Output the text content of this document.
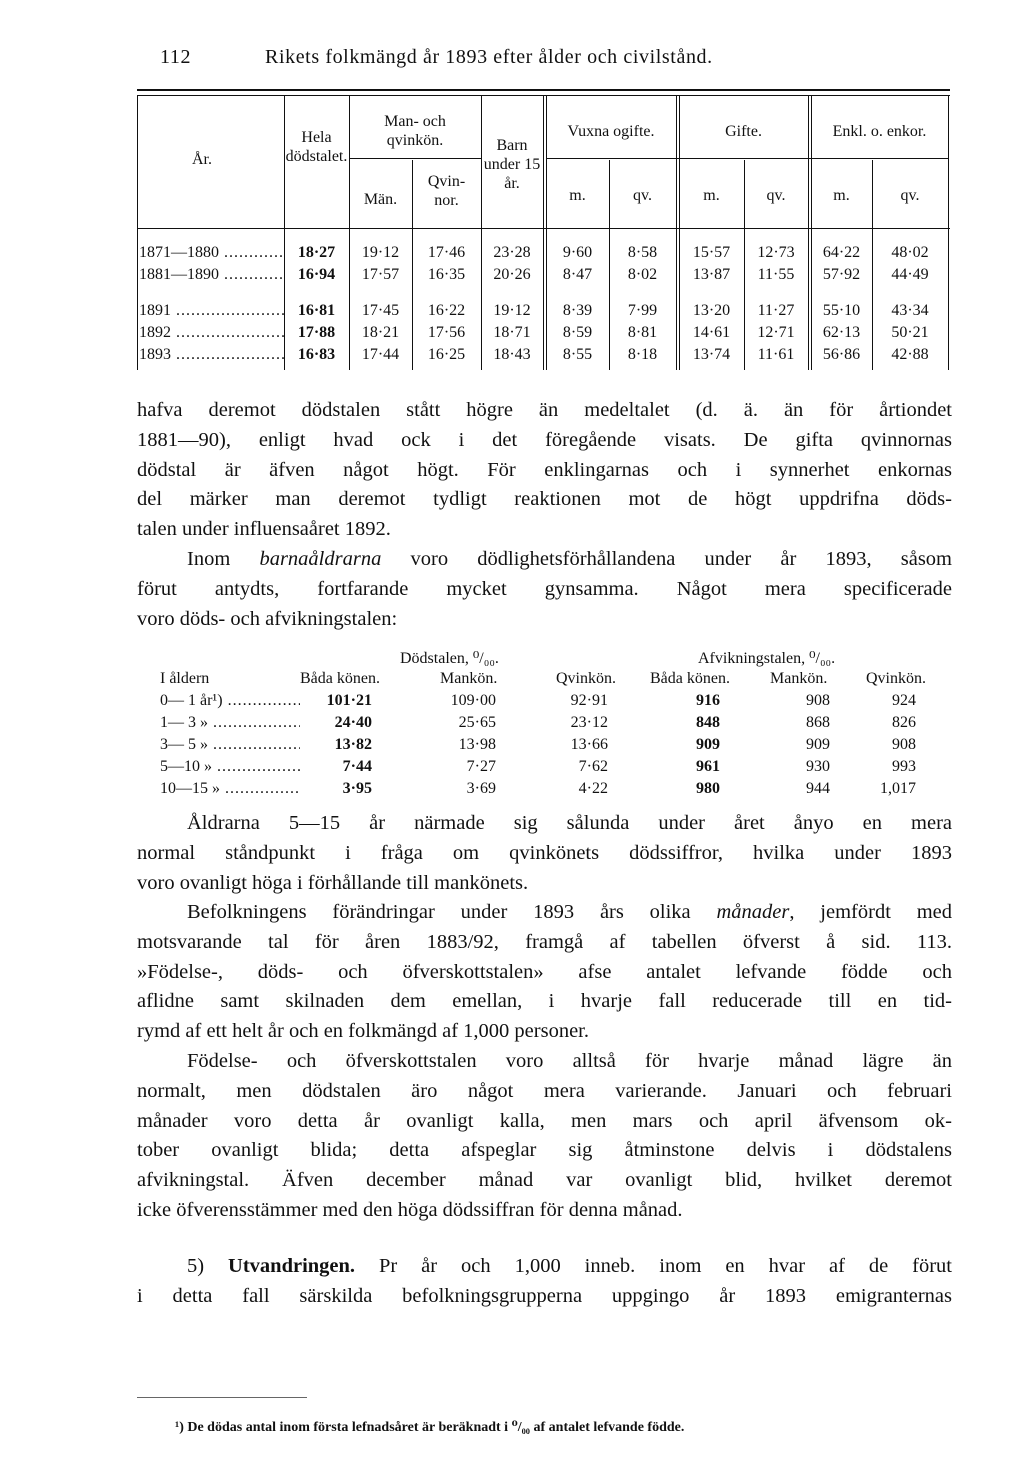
112	Rikets folkmängd år 1893 efter ålder och civilstånd.
År.
Hela dödstalet.
Man- och qvinkön.
Män.
Qvin-nor.
Barn under 15 år.
Vuxna ogifte.	Gifte.	Enkl. o. enkor.
m.	qv.	m.	qv.	m.	qv.
1871—1880 .....	18·27	19·12	17·46	23·28	9·60	8·58	15·57	12·73	64·22	48·02
1881—1890 .....	16·94	17·57	16·35	20·26	8·47	8·02	13·87	11·55	57·92	44·49
1891 .....	16·81	17·45	16·22	19·12	8·39	7·99	13·20	11·27	55·10	43·34
1892 .....	17·88	18·21	17·56	18·71	8·59	8·81	14·61	12·71	62·13	50·21
1893 .....	16·83	17·44	16·25	18·43	8·55	8·18	13·74	11·61	56·86	42·88

hafva deremot dödstalen stått högre än medeltalet (d. ä. än för årtiondet

1881—90), enligt hvad ock i det föregående visats. De gifta qvinnornas

dödstal är äfven något högt. För enklingarnas och i synnerhet enkornas

del märker man deremot tydligt reaktionen mot de högt uppdrifna döds-

talen under influensaåret 1892.

Inom barnaåldrarna voro dödlighetsförhållandena under år 1893, såsom

förut antydts, fortfarande mycket gynsamma. Något mera specificerade

voro döds- och afvikningstalen:

Dödstalen, ⁰/₀₀.	Afvikningstalen, ⁰/₀₀.
I åldern	Båda könen.	Mankön.	Qvinkön. Båda könen.	Mankön. Qvinkön.
0— 1 år¹) .....	101·21	109·00	92·91	916	908	924
1— 3 » .....	24·40	25·65	23·12	848	868	826
3— 5 » .....	13·82	13·98	13·66	909	909	908
5—10 » .....	7·44	7·27	7·62	961	930	993
10—15 » .....	3·95	3·69	4·22	980	944	1,017

Åldrarna 5—15 år närmade sig sålunda under året ånyo en mera

normal ståndpunkt i fråga om qvinkönets dödssiffror, hvilka under 1893

voro ovanligt höga i förhållande till mankönets.

Befolkningens förändringar under 1893 års olika månader, jemfördt med

motsvarande tal för åren 1883/92, framgå af tabellen öfverst å sid. 113.

»Födelse-, döds- och öfverskottstalen» afse antalet lefvande födde och

aflidne samt skilnaden dem emellan, i hvarje fall reducerade till en tid-

rymd af ett helt år och en folkmängd af 1,000 personer.

Födelse- och öfverskottstalen voro alltså för hvarje månad lägre än

normalt, men dödstalen äro något mera varierande. Januari och februari

månader voro detta år ovanligt kalla, men mars och april äfvensom ok-

tober ovanligt blida; detta afspeglar sig åtminstone delvis i dödstalens

afvikningstal. Äfven december månad var ovanligt blid, hvilket deremot

icke öfverensstämmer med den höga dödssiffran för denna månad.

5) Utvandringen. Pr år och 1,000 inneb. inom en hvar af de förut

i detta fall särskilda befolkningsgrupperna uppgingo år 1893 emigranternas

¹) De dödas antal inom första lefnadsåret är beräknadt i ⁰/₀₀ af antalet lefvande födde.
